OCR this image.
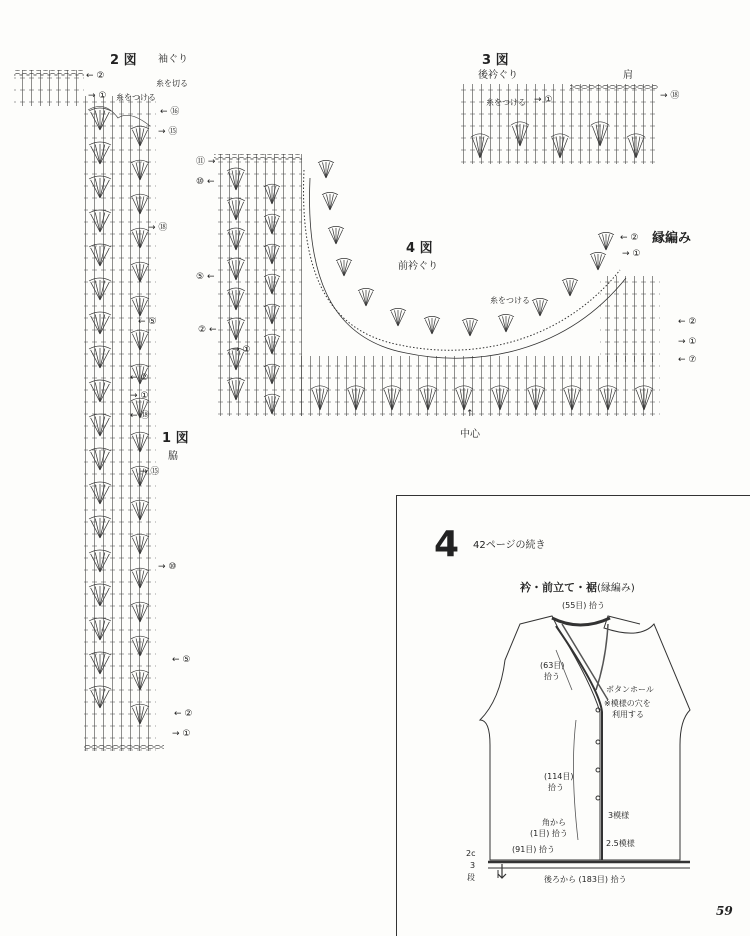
2 図 袖ぐり
糸を切る
糸をつける
← ②
→ ①
← ⑯
→ ⑮
1 図
脇
→ ⑱
← ⑤
← ②
→ ①
← ⑱
→ ⑮
→ ⑩
← ⑤
← ②
→ ①
3 図
後衿ぐり	肩
糸をつける → ①	→ ⑱
4 図
前衿ぐり
縁編み
糸をつける
中心
↑
⑪ →
⑩ ←
⑤ ←
② ←
→ ①
← ②
→ ①
← ⑦
← ②
→ ①
4 42ページの続き
衿・前立て・裾(縁編み)
(55目) 拾う
(63目)
拾う
ボタンホール
※模様の穴を
利用する
(114目)
拾う
角から
(1目) 拾う
3模様
2.5模様
(91目) 拾う
後ろから (183目) 拾う
2c
3
段
59
